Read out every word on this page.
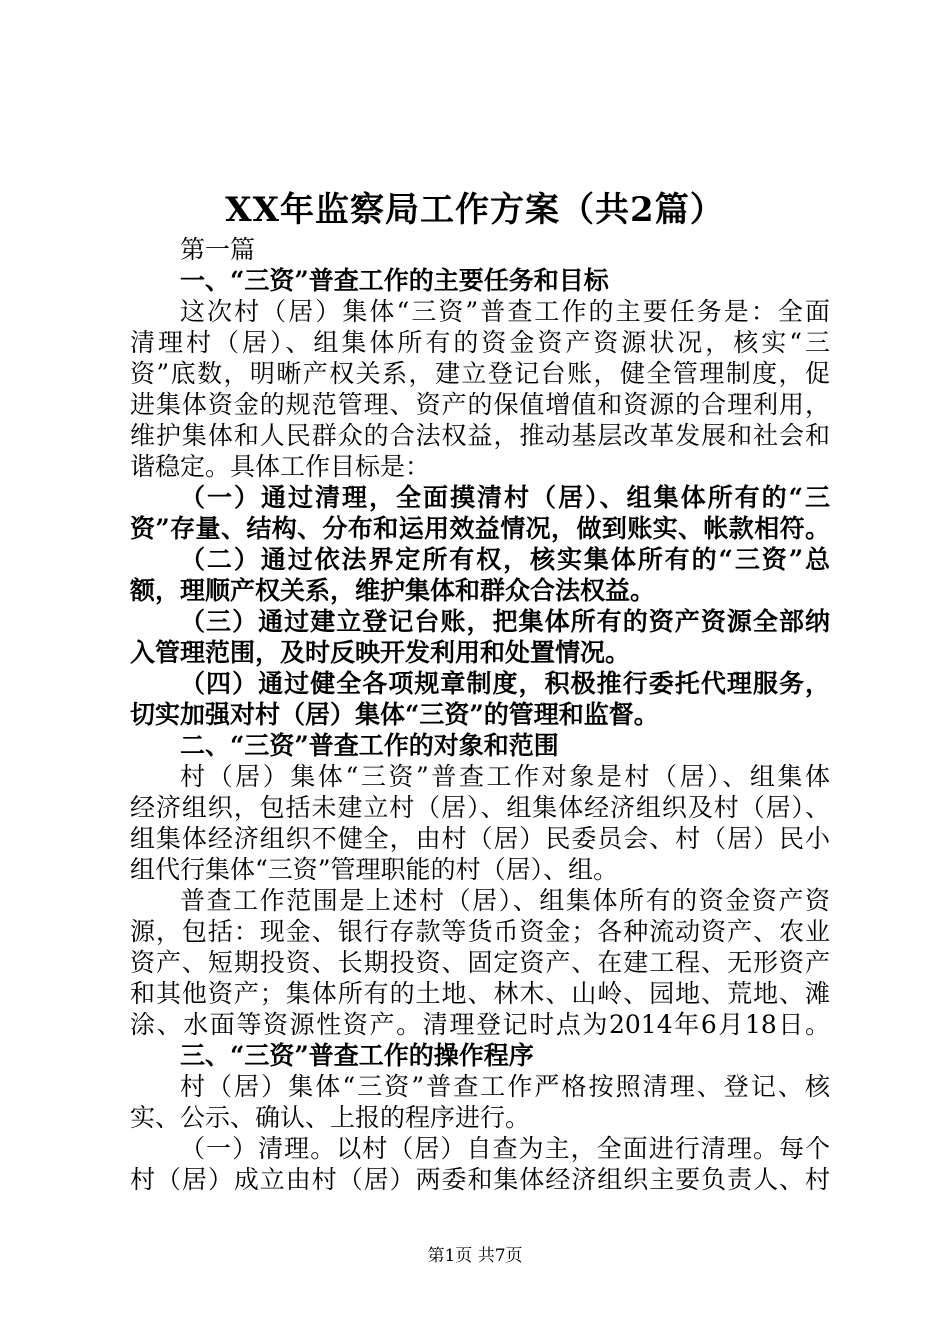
XX年监察局工作方案（共2篇）
第一篇
一、“三资”普查工作的主要任务和目标
这次村（居）集体“三资”普查工作的主要任务是：全面
清理村（居）、组集体所有的资金资产资源状况，核实“三
资”底数，明晰产权关系，建立登记台账，健全管理制度，促
进集体资金的规范管理、资产的保值增值和资源的合理利用，
维护集体和人民群众的合法权益，推动基层改革发展和社会和
谐稳定。具体工作目标是：
（一）通过清理，全面摸清村（居）、组集体所有的“三
资”存量、结构、分布和运用效益情况，做到账实、帐款相符。
（二）通过依法界定所有权，核实集体所有的“三资”总
额，理顺产权关系，维护集体和群众合法权益。
（三）通过建立登记台账，把集体所有的资产资源全部纳
入管理范围，及时反映开发利用和处置情况。
（四）通过健全各项规章制度，积极推行委托代理服务，
切实加强对村（居）集体“三资”的管理和监督。
二、“三资”普查工作的对象和范围
村（居）集体“三资”普查工作对象是村（居）、组集体
经济组织，包括未建立村（居）、组集体经济组织及村（居）、
组集体经济组织不健全，由村（居）民委员会、村（居）民小
组代行集体“三资”管理职能的村（居）、组。
普查工作范围是上述村（居）、组集体所有的资金资产资
源，包括：现金、银行存款等货币资金；各种流动资产、农业
资产、短期投资、长期投资、固定资产、在建工程、无形资产
和其他资产；集体所有的土地、林木、山岭、园地、荒地、滩
涂、水面等资源性资产。清理登记时点为2014年6月18日。
三、“三资”普查工作的操作程序
村（居）集体“三资”普查工作严格按照清理、登记、核
实、公示、确认、上报的程序进行。
（一）清理。以村（居）自查为主，全面进行清理。每个
村（居）成立由村（居）两委和集体经济组织主要负责人、村
第1页 共7页
